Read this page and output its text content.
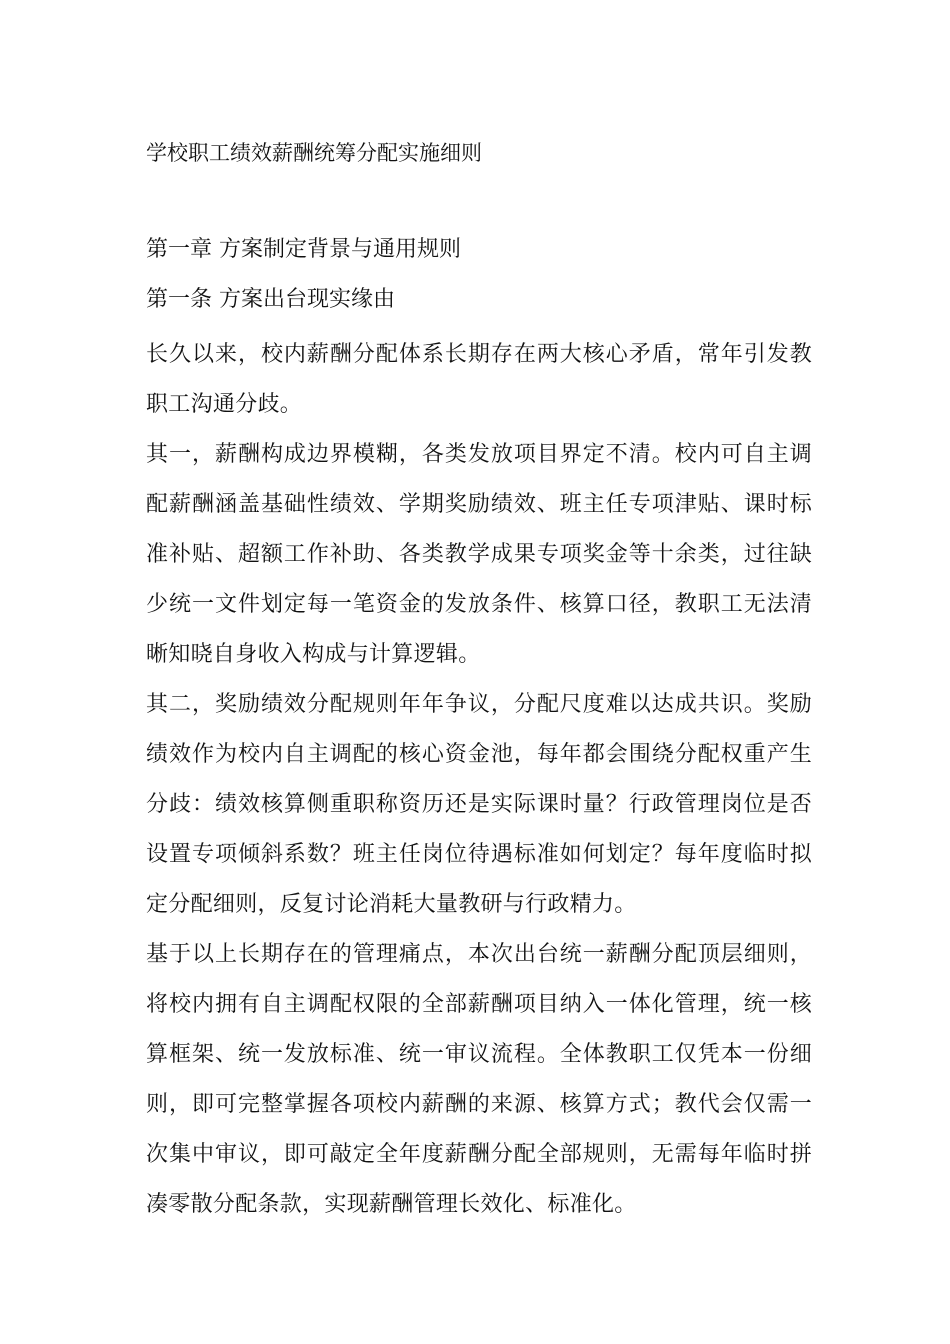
学校职工绩效薪酬统筹分配实施细则

第一章 方案制定背景与通用规则

第一条 方案出台现实缘由

长久以来，校内薪酬分配体系长期存在两大核心矛盾，常年引发教职工沟通分歧。

其一，薪酬构成边界模糊，各类发放项目界定不清。校内可自主调配薪酬涵盖基础性绩效、学期奖励绩效、班主任专项津贴、课时标准补贴、超额工作补助、各类教学成果专项奖金等十余类，过往缺少统一文件划定每一笔资金的发放条件、核算口径，教职工无法清晰知晓自身收入构成与计算逻辑。

其二，奖励绩效分配规则年年争议，分配尺度难以达成共识。奖励绩效作为校内自主调配的核心资金池，每年都会围绕分配权重产生分歧：绩效核算侧重职称资历还是实际课时量？行政管理岗位是否设置专项倾斜系数？班主任岗位待遇标准如何划定？每年度临时拟定分配细则，反复讨论消耗大量教研与行政精力。

基于以上长期存在的管理痛点，本次出台统一薪酬分配顶层细则，将校内拥有自主调配权限的全部薪酬项目纳入一体化管理，统一核算框架、统一发放标准、统一审议流程。全体教职工仅凭本一份细则，即可完整掌握各项校内薪酬的来源、核算方式；教代会仅需一次集中审议，即可敲定全年度薪酬分配全部规则，无需每年临时拼凑零散分配条款，实现薪酬管理长效化、标准化。
